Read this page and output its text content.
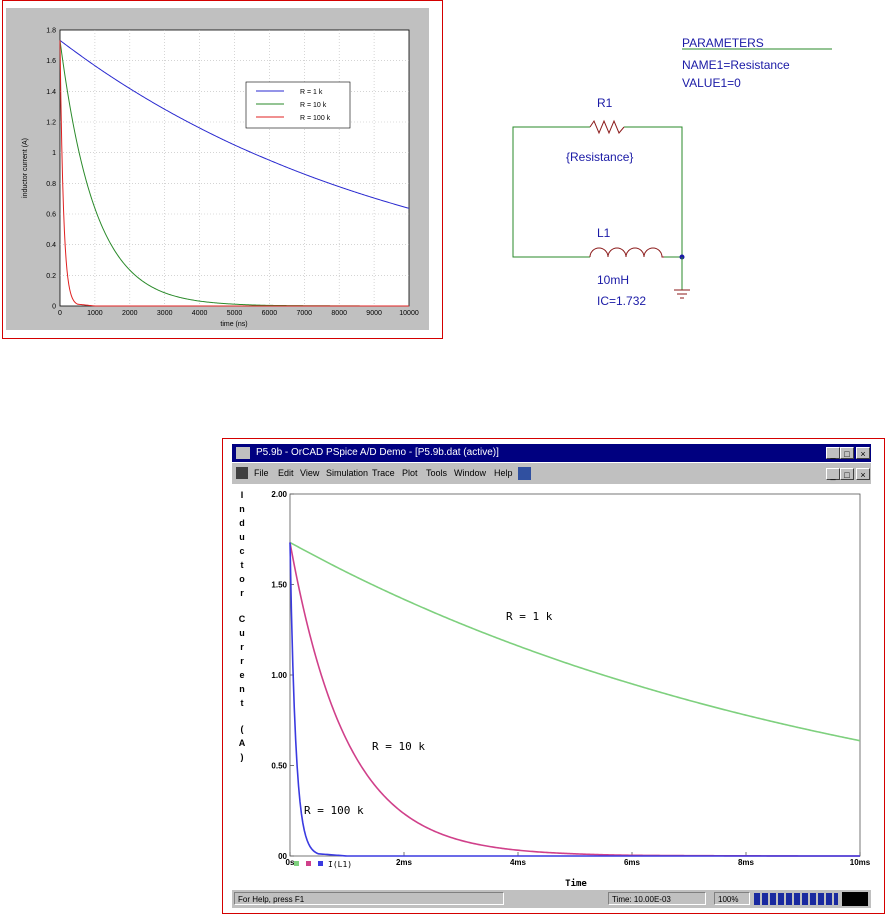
0
0.2
0.4
0.6
0.8
1
1.2
1.4
1.6
1.8
0	1000	2000	3000	4000	5000	6000	7000	8000	9000 10000
inductor current (A)
time (ns)
R = 1 k
R = 10 k
R = 100 k
PARAMETERS
NAME1=Resistance
VALUE1=0
R1
{Resistance}
L1
10mH
IC=1.732
P5.9b - OrCAD PSpice A/D Demo - [P5.9b.dat (active)]	_ □	×
File Edit View Simulation Trace Plot Tools Window Help	_ □	×
2.00
1.50
1.00
0.50
00
0s	2ms	4ms	6ms	8ms	10ms
I
n
d
u
c
t
o
r
C
u
r
r
e
n
t
(
A
)
Time
I(L1)
R = 1 k
R = 10 k
R = 100 k
For Help, press F1	Time: 10.00E-03	100%
